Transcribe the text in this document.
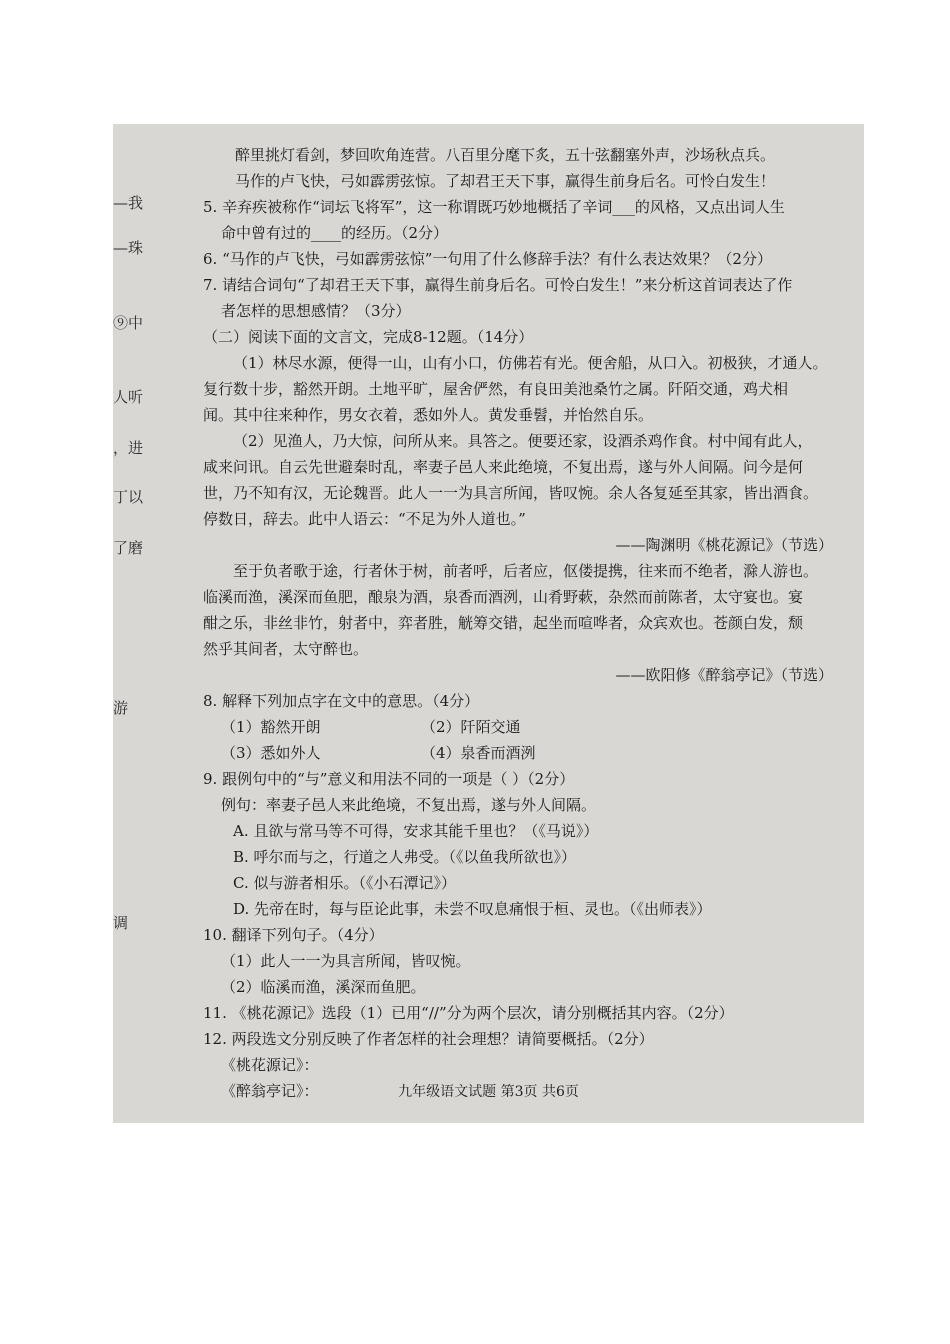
—我
—珠
⑨中
人听
，进
丁以
了磨
游
调
醉里挑灯看剑，梦回吹角连营。八百里分麾下炙，五十弦翻塞外声，沙场秋点兵。
马作的卢飞快，弓如霹雳弦惊。了却君王天下事，赢得生前身后名。可怜白发生！
5. 辛弃疾被称作“词坛飞将军”，这一称谓既巧妙地概括了辛词___的风格，又点出词人生
命中曾有过的____的经历。（2分）
6. “马作的卢飞快，弓如霹雳弦惊”一句用了什么修辞手法？有什么表达效果？（2分）
7. 请结合词句“了却君王天下事，赢得生前身后名。可怜白发生！”来分析这首词表达了作
者怎样的思想感情？（3分）
（二）阅读下面的文言文，完成8-12题。（14分）
（1）林尽水源，便得一山，山有小口，仿佛若有光。便舍船，从口入。初极狭，才通人。
复行数十步，豁然开朗。土地平旷，屋舍俨然，有良田美池桑竹之属。阡陌交通，鸡犬相
闻。其中往来种作，男女衣着，悉如外人。黄发垂髫，并怡然自乐。
（2）见渔人，乃大惊，问所从来。具答之。便要还家，设酒杀鸡作食。村中闻有此人，
咸来问讯。自云先世避秦时乱，率妻子邑人来此绝境，不复出焉，遂与外人间隔。问今是何
世，乃不知有汉，无论魏晋。此人一一为具言所闻，皆叹惋。余人各复延至其家，皆出酒食。
停数日，辞去。此中人语云：“不足为外人道也。”
——陶渊明《桃花源记》（节选）
至于负者歌于途，行者休于树，前者呼，后者应，伛偻提携，往来而不绝者，滁人游也。
临溪而渔，溪深而鱼肥，酿泉为酒，泉香而酒洌，山肴野蔌，杂然而前陈者，太守宴也。宴
酣之乐，非丝非竹，射者中，弈者胜，觥筹交错，起坐而喧哗者，众宾欢也。苍颜白发，颓
然乎其间者，太守醉也。
——欧阳修《醉翁亭记》（节选）
8. 解释下列加点字在文中的意思。（4分）
（1）豁然开朗	（2）阡陌交通
（3）悉如外人	（4）泉香而酒洌
9. 跟例句中的“与”意义和用法不同的一项是（ ）（2分）
例句：率妻子邑人来此绝境，不复出焉，遂与外人间隔。
A. 且欲与常马等不可得，安求其能千里也？（《马说》）
B. 呼尔而与之，行道之人弗受。（《以鱼我所欲也》）
C. 似与游者相乐。（《小石潭记》）
D. 先帝在时，每与臣论此事，未尝不叹息痛恨于桓、灵也。（《出师表》）
10. 翻译下列句子。（4分）
（1）此人一一为具言所闻，皆叹惋。
（2）临溪而渔，溪深而鱼肥。
11. 《桃花源记》选段（1）已用“//”分为两个层次，请分别概括其内容。（2分）
12. 两段选文分别反映了作者怎样的社会理想？请简要概括。（2分）
《桃花源记》：
《醉翁亭记》：	九年级语文试题 第3页 共6页
